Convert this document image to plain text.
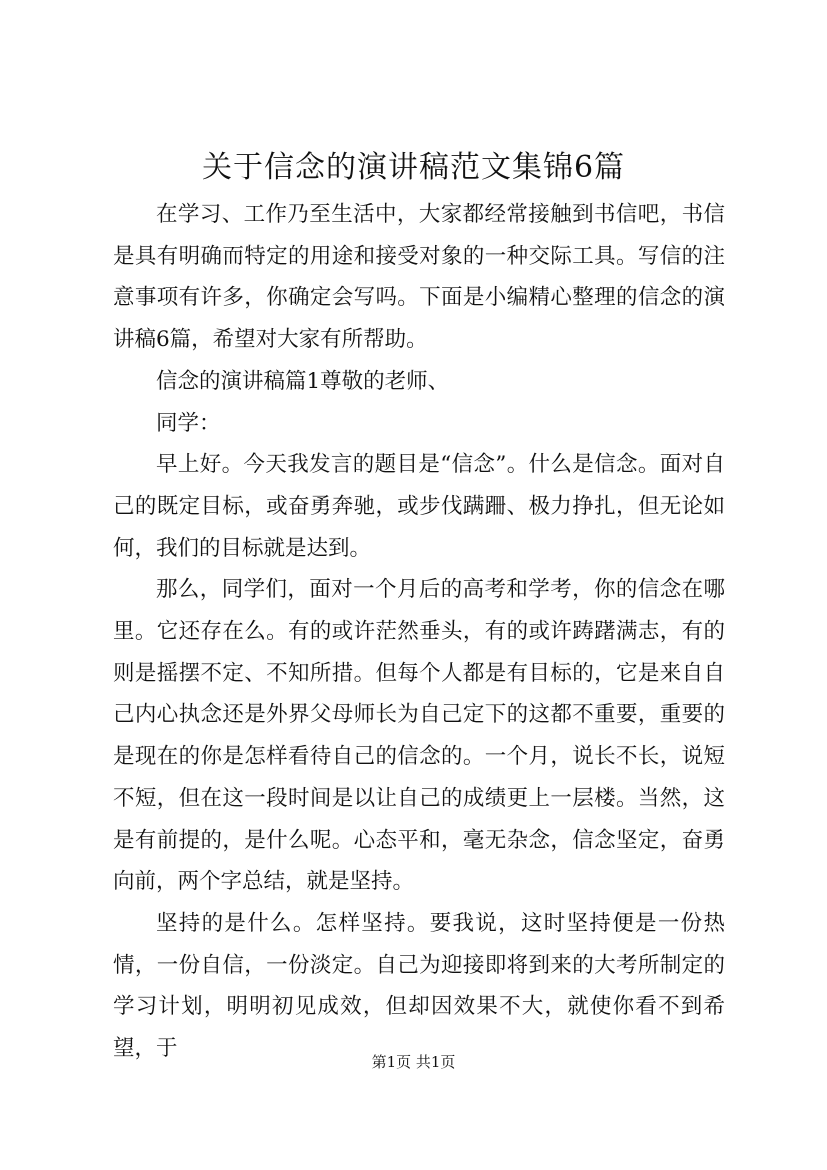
关于信念的演讲稿范文集锦6篇

在学习、工作乃至生活中，大家都经常接触到书信吧，书信是具有明确而特定的用途和接受对象的一种交际工具。写信的注意事项有许多，你确定会写吗。下面是小编精心整理的信念的演讲稿6篇，希望对大家有所帮助。

信念的演讲稿篇1尊敬的老师、

同学：

早上好。今天我发言的题目是“信念”。什么是信念。面对自己的既定目标，或奋勇奔驰，或步伐蹒跚、极力挣扎，但无论如何，我们的目标就是达到。

那么，同学们，面对一个月后的高考和学考，你的信念在哪里。它还存在么。有的或许茫然垂头，有的或许踌躇满志，有的则是摇摆不定、不知所措。但每个人都是有目标的，它是来自自己内心执念还是外界父母师长为自己定下的这都不重要，重要的是现在的你是怎样看待自己的信念的。一个月，说长不长，说短不短，但在这一段时间是以让自己的成绩更上一层楼。当然，这是有前提的，是什么呢。心态平和，毫无杂念，信念坚定，奋勇向前，两个字总结，就是坚持。

坚持的是什么。怎样坚持。要我说，这时坚持便是一份热情，一份自信，一份淡定。自己为迎接即将到来的大考所制定的学习计划，明明初见成效，但却因效果不大，就使你看不到希望，于

第1页 共1页
